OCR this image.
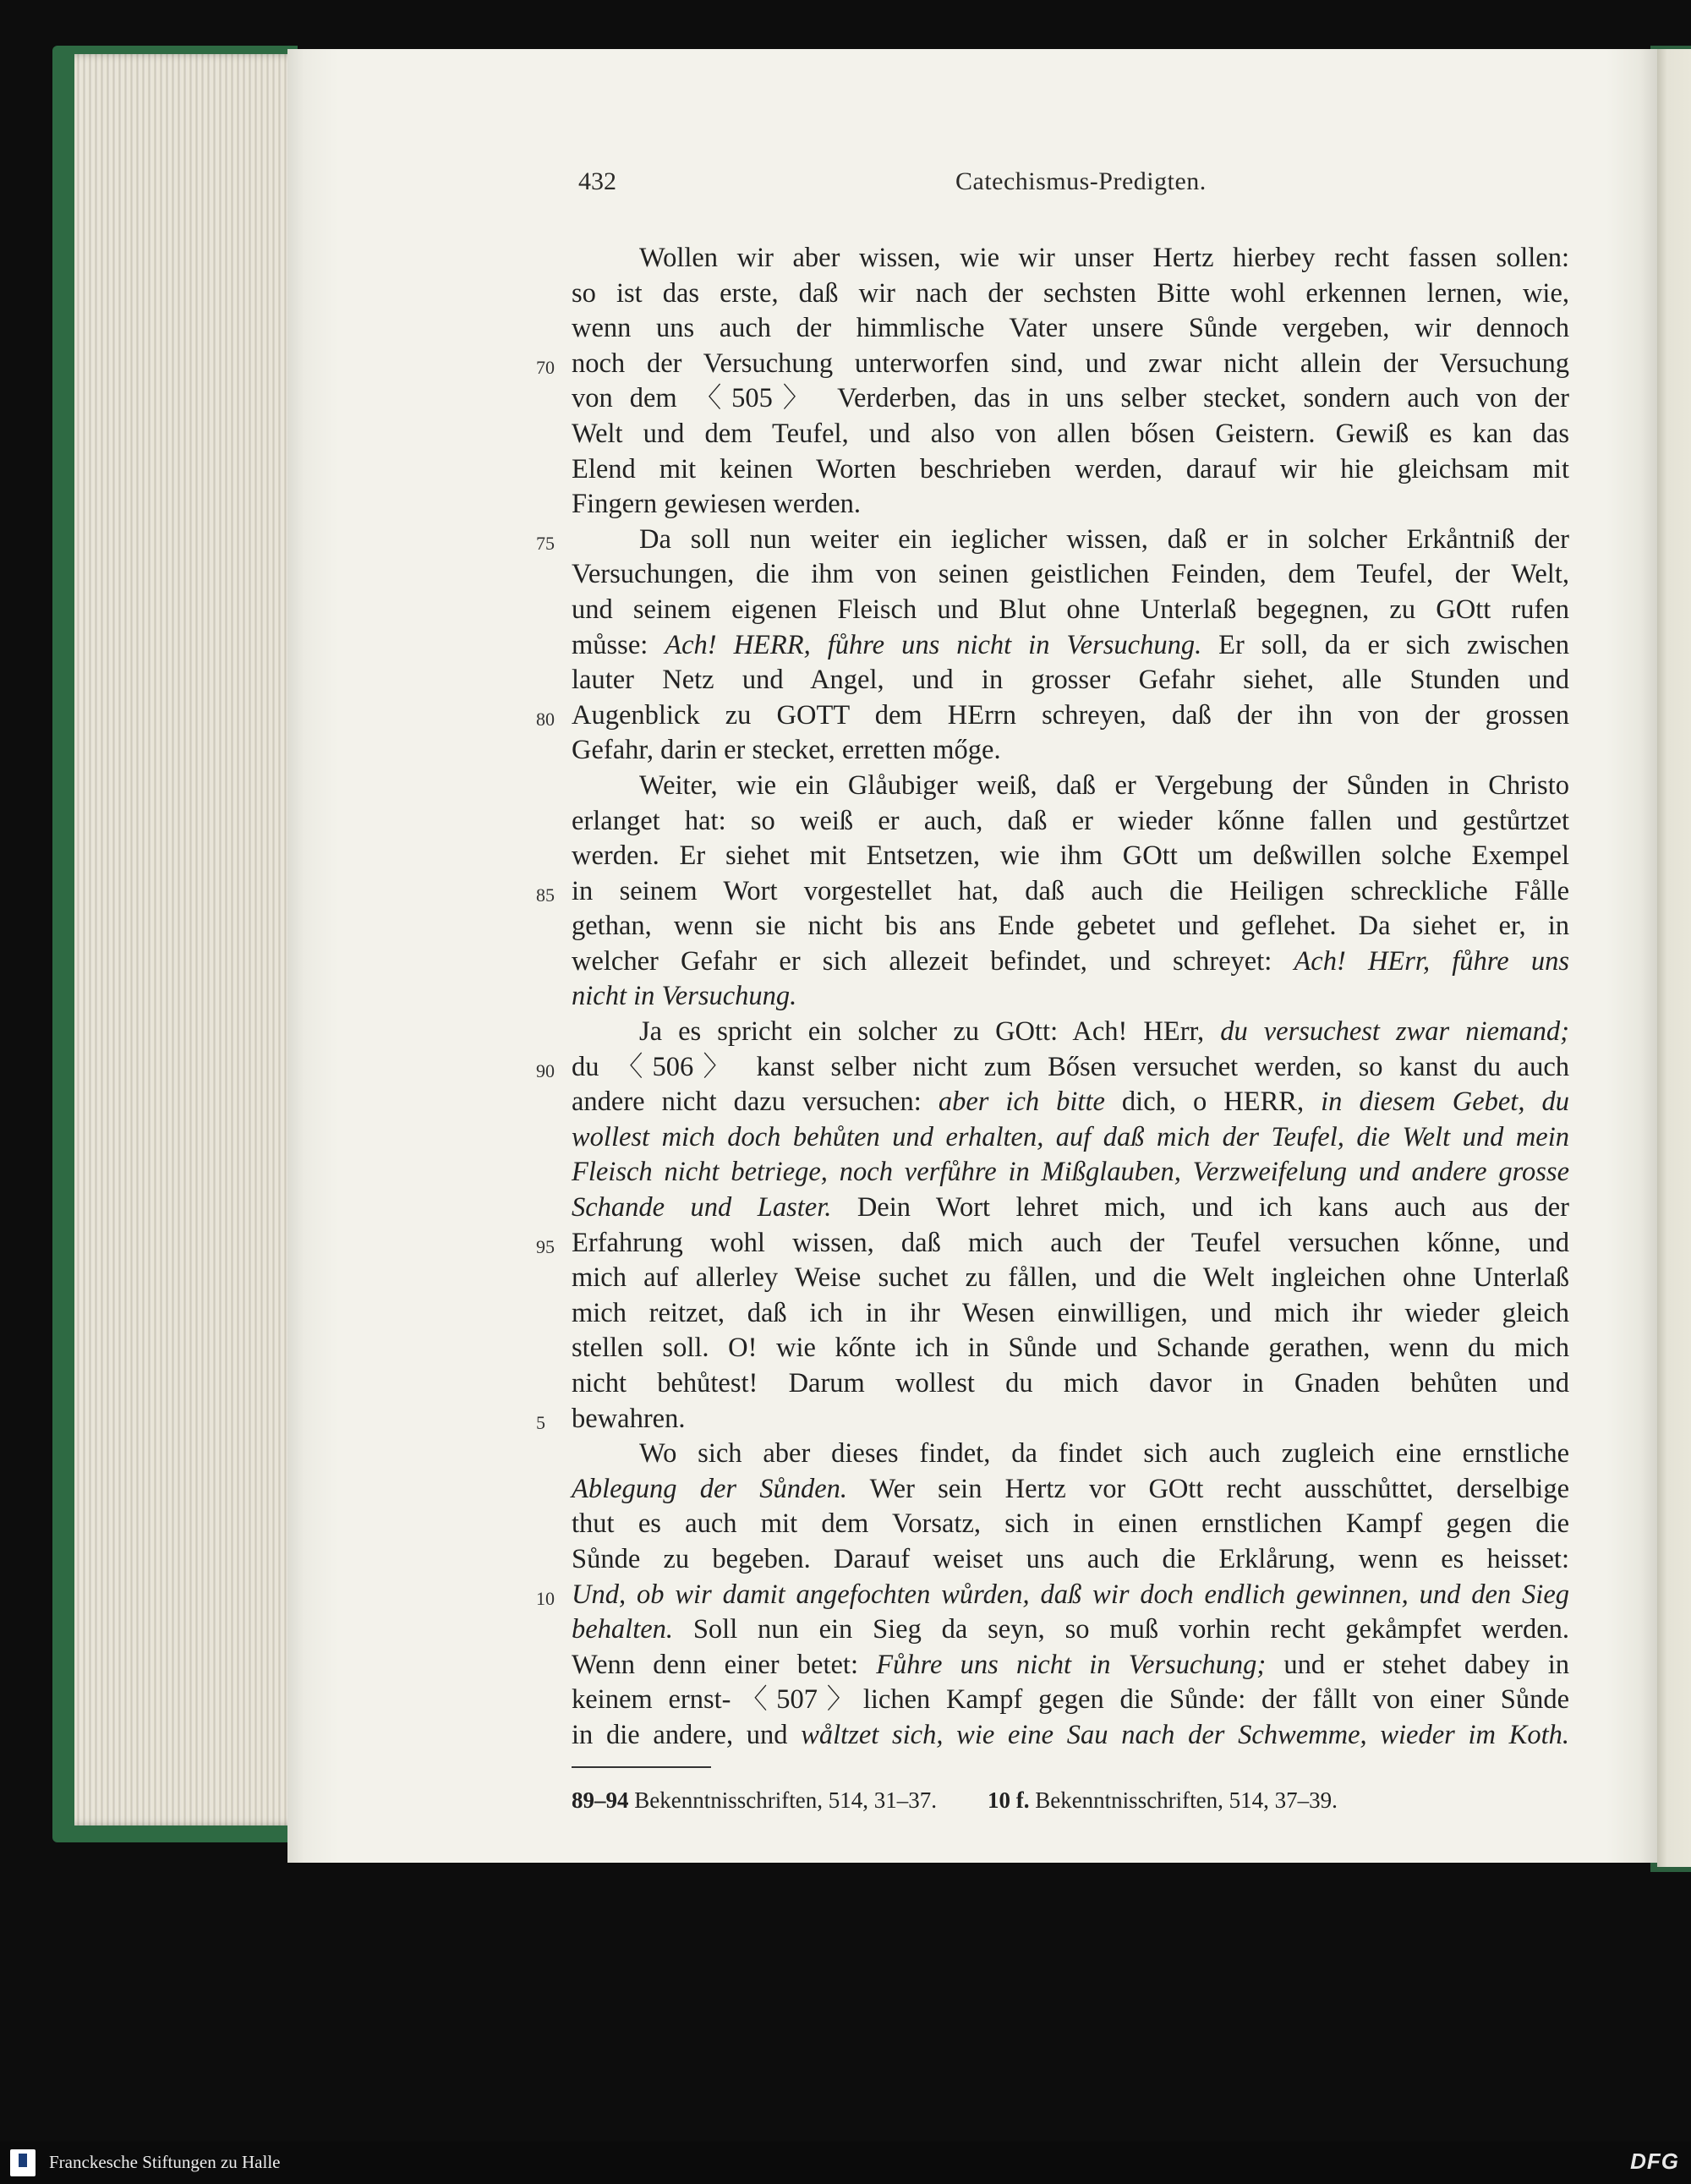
432	Catechismus-Predigten.
Wollen wir aber wissen, wie wir unser Hertz hierbey recht fassen sollen:
so ist das erste, daß wir nach der sechsten Bitte wohl erkennen lernen, wie,
wenn uns auch der himmlische Vater unsere Sůnde vergeben, wir dennoch
70 noch der Versuchung unterworfen sind, und zwar nicht allein der Versuchung
von dem 〈505〉 Verderben, das in uns selber stecket, sondern auch von der
Welt und dem Teufel, und also von allen bősen Geistern. Gewiß es kan das
Elend mit keinen Worten beschrieben werden, darauf wir hie gleichsam mit
Fingern gewiesen werden.
75	Da soll nun weiter ein ieglicher wissen, daß er in solcher Erkåntniß der
Versuchungen, die ihm von seinen geistlichen Feinden, dem Teufel, der Welt,
und seinem eigenen Fleisch und Blut ohne Unterlaß begegnen, zu GOtt rufen
můsse: Ach! HERR, fůhre uns nicht in Versuchung. Er soll, da er sich zwischen
lauter Netz und Angel, und in grosser Gefahr siehet, alle Stunden und
80 Augenblick zu GOTT dem HErrn schreyen, daß der ihn von der grossen
Gefahr, darin er stecket, erretten mőge.
Weiter, wie ein Glåubiger weiß, daß er Vergebung der Sůnden in Christo
erlanget hat: so weiß er auch, daß er wieder kőnne fallen und gestůrtzet
werden. Er siehet mit Entsetzen, wie ihm GOtt um deßwillen solche Exempel
85 in seinem Wort vorgestellet hat, daß auch die Heiligen schreckliche Fålle
gethan, wenn sie nicht bis ans Ende gebetet und geflehet. Da siehet er, in
welcher Gefahr er sich allezeit befindet, und schreyet: Ach! HErr, fůhre uns
nicht in Versuchung.
Ja es spricht ein solcher zu GOtt: Ach! HErr, du versuchest zwar niemand;
90 du 〈506〉 kanst selber nicht zum Bősen versuchet werden, so kanst du auch
andere nicht dazu versuchen: aber ich bitte dich, o HERR, in diesem Gebet, du
wollest mich doch behůten und erhalten, auf daß mich der Teufel, die Welt und mein
Fleisch nicht betriege, noch verfůhre in Mißglauben, Verzweifelung und andere grosse
Schande und Laster. Dein Wort lehret mich, und ich kans auch aus der
95 Erfahrung wohl wissen, daß mich auch der Teufel versuchen kőnne, und
mich auf allerley Weise suchet zu fållen, und die Welt ingleichen ohne Unterlaß
mich reitzet, daß ich in ihr Wesen einwilligen, und mich ihr wieder gleich
stellen soll. O! wie kőnte ich in Sůnde und Schande gerathen, wenn du mich
nicht behůtest! Darum wollest du mich davor in Gnaden behůten und
5 bewahren.
Wo sich aber dieses findet, da findet sich auch zugleich eine ernstliche
Ablegung der Sůnden. Wer sein Hertz vor GOtt recht ausschůttet, derselbige
thut es auch mit dem Vorsatz, sich in einen ernstlichen Kampf gegen die
Sůnde zu begeben. Darauf weiset uns auch die Erklårung, wenn es heisset:
10 Und, ob wir damit angefochten wůrden, daß wir doch endlich gewinnen, und den Sieg
behalten. Soll nun ein Sieg da seyn, so muß vorhin recht gekåmpfet werden.
Wenn denn einer betet: Fůhre uns nicht in Versuchung; und er stehet dabey in
keinem ernst-〈507〉lichen Kampf gegen die Sůnde: der fållt von einer Sůnde
in die andere, und wåltzet sich, wie eine Sau nach der Schwemme, wieder im Koth.
89–94 Bekenntnisschriften, 514, 31–37. 10 f. Bekenntnisschriften, 514, 37–39.
Franckesche Stiftungen zu Halle	DFG
